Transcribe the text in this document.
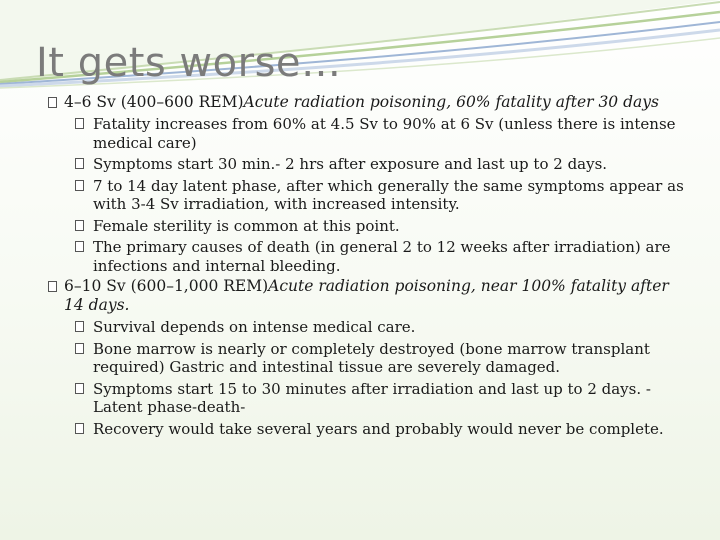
It gets worse…
4–6 Sv (400–600 REM)Acute radiation poisoning, 60% fatality after 30 days
Fatality increases from 60% at 4.5 Sv to 90% at 6 Sv (unless there is intense medical care)
Symptoms start 30 min.- 2 hrs after exposure and last up to 2 days.
7 to 14 day latent phase, after which generally the same symptoms appear as with 3-4 Sv irradiation, with increased intensity.
Female sterility is common at this point.
The primary causes of death (in general 2 to 12 weeks after irradiation) are infections and internal bleeding.
6–10 Sv (600–1,000 REM)Acute radiation poisoning, near 100% fatality after 14 days.
Survival depends on intense medical care.
Bone marrow is nearly or completely destroyed (bone marrow transplant required) Gastric and intestinal tissue are severely damaged.
Symptoms start 15 to 30 minutes after irradiation and last up to 2 days. -Latent phase-death-
Recovery would take several years and probably would never be complete.
